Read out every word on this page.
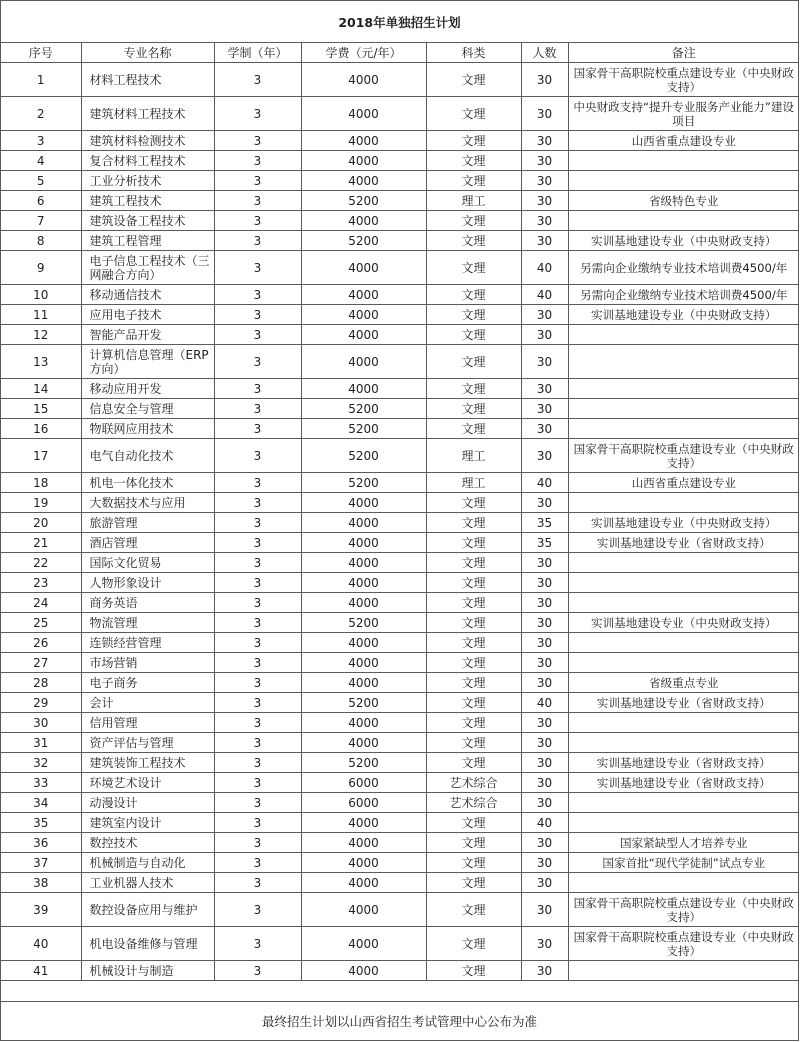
2018年单独招生计划
序号	专业名称	学制（年）	学费（元/年）	科类	人数	备注
1	材料工程技术	3	4000	文理	30	国家骨干高职院校重点建设专业（中央财政支持）
2	建筑材料工程技术	3	4000	文理	30	中央财政支持“提升专业服务产业能力”建设项目
3	建筑材料检测技术	3	4000	文理	30	山西省重点建设专业
4	复合材料工程技术	3	4000	文理	30	
5	工业分析技术	3	4000	文理	30	
6	建筑工程技术	3	5200	理工	30	省级特色专业
7	建筑设备工程技术	3	4000	文理	30	
8	建筑工程管理	3	5200	文理	30	实训基地建设专业（中央财政支持）
9	电子信息工程技术（三网融合方向）	3	4000	文理	40	另需向企业缴纳专业技术培训费4500/年
10	移动通信技术	3	4000	文理	40	另需向企业缴纳专业技术培训费4500/年
11	应用电子技术	3	4000	文理	30	实训基地建设专业（中央财政支持）
12	智能产品开发	3	4000	文理	30	
13	计算机信息管理（ERP方向）	3	4000	文理	30	
14	移动应用开发	3	4000	文理	30	
15	信息安全与管理	3	5200	文理	30	
16	物联网应用技术	3	5200	文理	30	
17	电气自动化技术	3	5200	理工	30	国家骨干高职院校重点建设专业（中央财政支持）
18	机电一体化技术	3	5200	理工	40	山西省重点建设专业
19	大数据技术与应用	3	4000	文理	30	
20	旅游管理	3	4000	文理	35	实训基地建设专业（中央财政支持）
21	酒店管理	3	4000	文理	35	实训基地建设专业（省财政支持）
22	国际文化贸易	3	4000	文理	30	
23	人物形象设计	3	4000	文理	30	
24	商务英语	3	4000	文理	30	
25	物流管理	3	5200	文理	30	实训基地建设专业（中央财政支持）
26	连锁经营管理	3	4000	文理	30	
27	市场营销	3	4000	文理	30	
28	电子商务	3	4000	文理	30	省级重点专业
29	会计	3	5200	文理	40	实训基地建设专业（省财政支持）
30	信用管理	3	4000	文理	30	
31	资产评估与管理	3	4000	文理	30	
32	建筑装饰工程技术	3	5200	文理	30	实训基地建设专业（省财政支持）
33	环境艺术设计	3	6000	艺术综合	30	实训基地建设专业（省财政支持）
34	动漫设计	3	6000	艺术综合	30	
35	建筑室内设计	3	4000	文理	40	
36	数控技术	3	4000	文理	30	国家紧缺型人才培养专业
37	机械制造与自动化	3	4000	文理	30	国家首批“现代学徒制”试点专业
38	工业机器人技术	3	4000	文理	30	
39	数控设备应用与维护	3	4000	文理	30	国家骨干高职院校重点建设专业（中央财政支持）
40	机电设备维修与管理	3	4000	文理	30	国家骨干高职院校重点建设专业（中央财政支持）
41	机械设计与制造	3	4000	文理	30	
最终招生计划以山西省招生考试管理中心公布为准
